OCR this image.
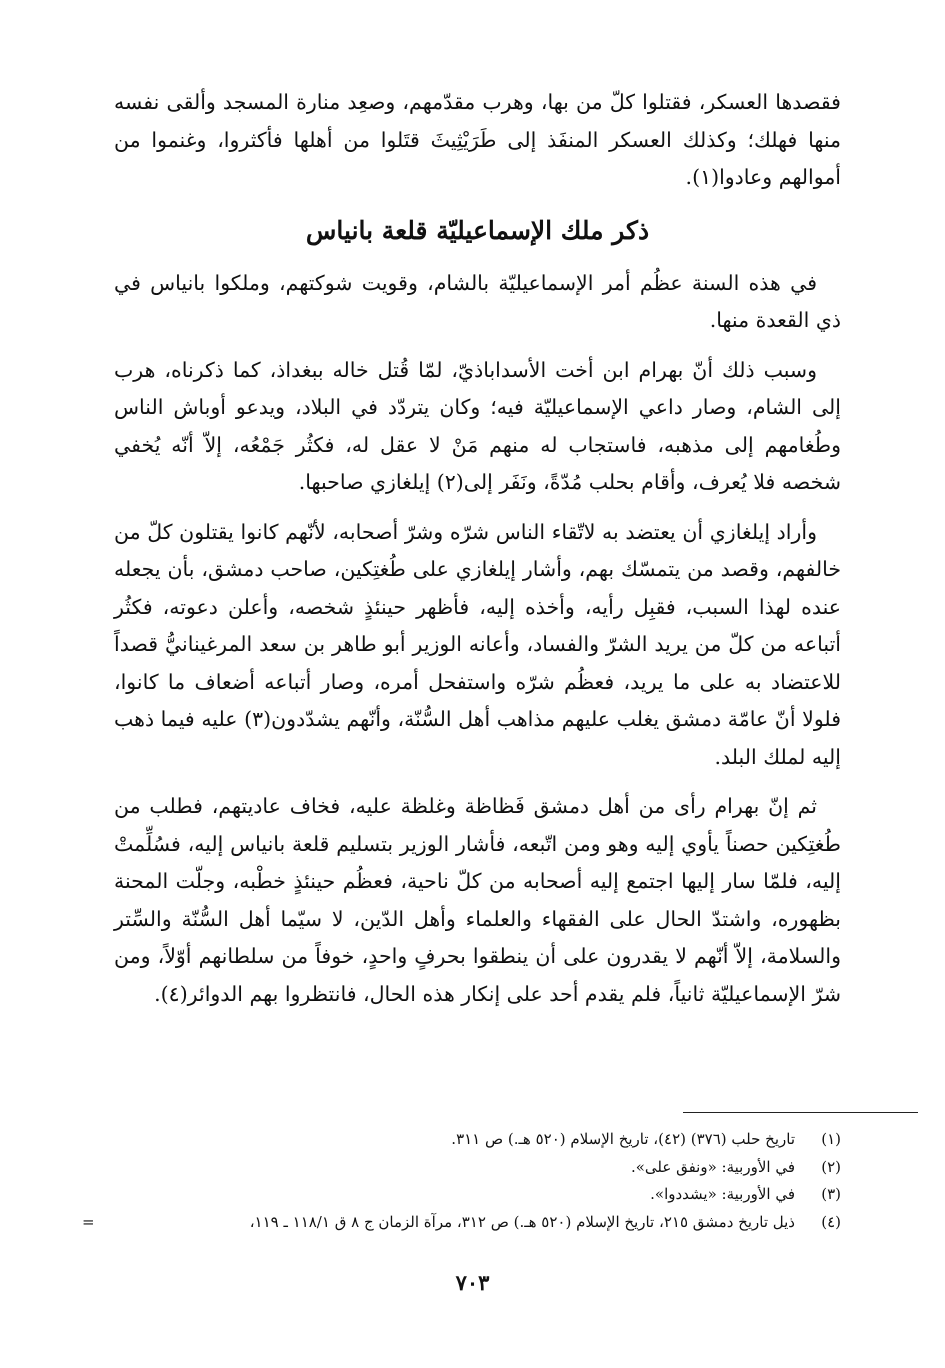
فقصدها العسكر، فقتلوا كلّ من بها، وهرب مقدّمهم، وصعِد منارة المسجد وألقى نفسه منها فهلك؛ وكذلك العسكر المنفَذ إلى طَرَيْثِيثَ قتَلوا من أهلها فأكثروا، وغنموا من أموالهم وعادوا(١).

ذكر ملك الإسماعيليّة قلعة بانياس

في هذه السنة عظُم أمر الإسماعيليّة بالشام، وقويت شوكتهم، وملكوا بانياس في ذي القعدة منها.

وسبب ذلك أنّ بهرام ابن أخت الأسداباذيّ، لمّا قُتل خاله ببغداذ، كما ذكرناه، هرب إلى الشام، وصار داعي الإسماعيليّة فيه؛ وكان يتردّد في البلاد، ويدعو أوباش الناس وطُغامهم إلى مذهبه، فاستجاب له منهم مَنْ لا عقل له، فكثُر جَمْعُه، إلاّ أنّه يُخفي شخصه فلا يُعرف، وأقام بحلب مُدّةً، ونَفَر إلى(٢) إيلغازي صاحبها.

وأراد إيلغازي أن يعتضد به لاتّقاء الناس شرّه وشرّ أصحابه، لأنّهم كانوا يقتلون كلّ من خالفهم، وقصد من يتمسّك بهم، وأشار إيلغازي على طُغتِكين، صاحب دمشق، بأن يجعله عنده لهذا السبب، فقبِل رأيه، وأخذه إليه، فأظهر حينئذٍ شخصه، وأعلن دعوته، فكثُر أتباعه من كلّ من يريد الشرّ والفساد، وأعانه الوزير أبو طاهر بن سعد المرغينانيُّ قصداً للاعتضاد به على ما يريد، فعظُم شرّه واستفحل أمره، وصار أتباعه أضعاف ما كانوا، فلولا أنّ عامّة دمشق يغلب عليهم مذاهب أهل السُّنّة، وأنّهم يشدّدون(٣) عليه فيما ذهب إليه لملك البلد.

ثم إنّ بهرام رأى من أهل دمشق فَظاظة وغلظة عليه، فخاف عاديتهم، فطلب من طُغتِكين حصناً يأوي إليه وهو ومن اتّبعه، فأشار الوزير بتسليم قلعة بانياس إليه، فسُلِّمتْ إليه، فلمّا سار إليها اجتمع إليه أصحابه من كلّ ناحية، فعظُم حينئذٍ خطْبه، وجلّت المحنة بظهوره، واشتدّ الحال على الفقهاء والعلماء وأهل الدّين، لا سيّما أهل السُّنّة والسِّتر والسلامة، إلاّ أنّهم لا يقدرون على أن ينطقوا بحرفٍ واحدٍ، خوفاً من سلطانهم أوّلاً، ومن شرّ الإسماعيليّة ثانياً، فلم يقدم أحد على إنكار هذه الحال، فانتظروا بهم الدوائر(٤).

(١)
تاريخ حلب (٣٧٦) (٤٢)، تاريخ الإسلام (٥٢٠ هـ.) ص ٣١١.
(٢)
في الأوربية: «ونفق على».
(٣)
في الأوربية: «يشددوا».
(٤)
ذيل تاريخ دمشق ٢١٥، تاريخ الإسلام (٥٢٠ هـ.) ص ٣١٢، مرآة الزمان ج ٨ ق ١١٨/١ ـ ١١٩،
=
٧٠٣
